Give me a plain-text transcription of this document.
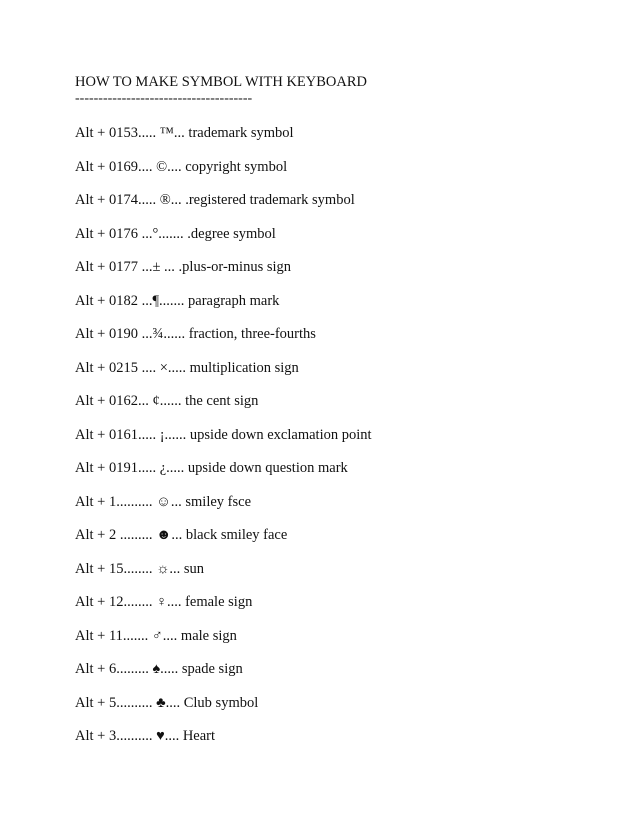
HOW TO MAKE SYMBOL WITH KEYBOARD
--------------------------------------
Alt + 0153..... ™... trademark symbol
Alt + 0169.... ©.... copyright symbol
Alt + 0174..... ®... .registered trademark symbol
Alt + 0176 ...°....... .degree symbol
Alt + 0177 ...± ... .plus-or-minus sign
Alt + 0182 ...¶....... paragraph mark
Alt + 0190 ...¾...... fraction, three-fourths
Alt + 0215 .... ×..... multiplication sign
Alt + 0162... ¢...... the cent sign
Alt + 0161..... ¡...... upside down exclamation point
Alt + 0191..... ¿..... upside down question mark
Alt + 1.......... ☺... smiley fsce
Alt + 2 ......... ☻... black smiley face
Alt + 15........ ☼... sun
Alt + 12........ ♀.... female sign
Alt + 11....... ♂.... male sign
Alt + 6......... ♠..... spade sign
Alt + 5.......... ♣.... Club symbol
Alt + 3.......... ♥.... Heart
